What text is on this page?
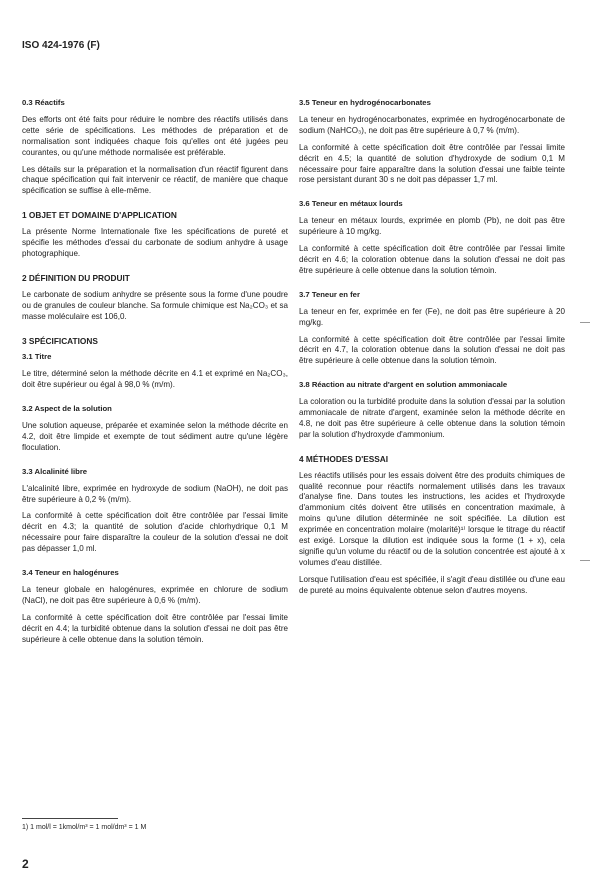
ISO 424-1976 (F)
0.3 Réactifs

Des efforts ont été faits pour réduire le nombre des réactifs utilisés dans cette série de spécifications. Les méthodes de préparation et de normalisation sont indiquées chaque fois qu'elles ont été jugées peu courantes, ou qu'une méthode normalisée est préférable.

Les détails sur la préparation et la normalisation d'un réactif figurent dans chaque spécification qui fait intervenir ce réactif, de manière que chaque spécification se suffise à elle-même.

1 OBJET ET DOMAINE D'APPLICATION

La présente Norme Internationale fixe les spécifications de pureté et spécifie les méthodes d'essai du carbonate de sodium anhydre à usage photographique.

2 DÉFINITION DU PRODUIT

Le carbonate de sodium anhydre se présente sous la forme d'une poudre ou de granules de couleur blanche. Sa formule chimique est Na₂CO₃ et sa masse moléculaire est 106,0.

3 SPÉCIFICATIONS
3.1 Titre

Le titre, déterminé selon la méthode décrite en 4.1 et exprimé en Na₂CO₃, doit être supérieur ou égal à 98,0 % (m/m).

3.2 Aspect de la solution

Une solution aqueuse, préparée et examinée selon la méthode décrite en 4.2, doit être limpide et exempte de tout sédiment autre qu'une légère floculation.

3.3 Alcalinité libre

L'alcalinité libre, exprimée en hydroxyde de sodium (NaOH), ne doit pas être supérieure à 0,2 % (m/m).

La conformité à cette spécification doit être contrôlée par l'essai limite décrit en 4.3; la quantité de solution d'acide chlorhydrique 0,1 M nécessaire pour faire disparaître la couleur de la solution d'essai ne doit pas dépasser 1,0 ml.

3.4 Teneur en halogénures

La teneur globale en halogénures, exprimée en chlorure de sodium (NaCl), ne doit pas être supérieure à 0,6 % (m/m).

La conformité à cette spécification doit être contrôlée par l'essai limite décrit en 4.4; la turbidité obtenue dans la solution d'essai ne doit pas être supérieure à celle obtenue dans la solution témoin.

3.5 Teneur en hydrogénocarbonates

La teneur en hydrogénocarbonates, exprimée en hydrogénocarbonate de sodium (NaHCO₃), ne doit pas être supérieure à 0,7 % (m/m).

La conformité à cette spécification doit être contrôlée par l'essai limite décrit en 4.5; la quantité de solution d'hydroxyde de sodium 0,1 M nécessaire pour faire apparaître dans la solution d'essai une faible teinte rose persistant durant 30 s ne doit pas dépasser 1,7 ml.

3.6 Teneur en métaux lourds

La teneur en métaux lourds, exprimée en plomb (Pb), ne doit pas être supérieure à 10 mg/kg.

La conformité à cette spécification doit être contrôlée par l'essai limite décrit en 4.6; la coloration obtenue dans la solution d'essai ne doit pas être supérieure à celle obtenue dans la solution témoin.

3.7 Teneur en fer

La teneur en fer, exprimée en fer (Fe), ne doit pas être supérieure à 20 mg/kg.

La conformité à cette spécification doit être contrôlée par l'essai limite décrit en 4.7, la coloration obtenue dans la solution d'essai ne doit pas être supérieure à celle obtenue dans la solution témoin.

3.8 Réaction au nitrate d'argent en solution ammoniacale

La coloration ou la turbidité produite dans la solution d'essai par la solution ammoniacale de nitrate d'argent, examinée selon la méthode décrite en 4.8, ne doit pas être supérieure à celle obtenue dans la solution témoin par la solution d'hydroxyde d'ammonium.

4 MÉTHODES D'ESSAI

Les réactifs utilisés pour les essais doivent être des produits chimiques de qualité reconnue pour réactifs normalement utilisés dans les travaux d'analyse fine. Dans toutes les instructions, les acides et l'hydroxyde d'ammonium cités doivent être utilisés en concentration maximale, à moins qu'une dilution déterminée ne soit spécifiée. La dilution est exprimée en concentration molaire (molarité)¹⁾ lorsque le titrage du réactif est exigé. Lorsque la dilution est indiquée sous la forme (1 + x), cela signifie qu'un volume du réactif ou de la solution concentrée est ajouté à x volumes d'eau distillée.

Lorsque l'utilisation d'eau est spécifiée, il s'agit d'eau distillée ou d'une eau de pureté au moins équivalente obtenue selon d'autres moyens.

1) 1 mol/l = 1kmol/m³ = 1 mol/dm³ = 1 M
2
